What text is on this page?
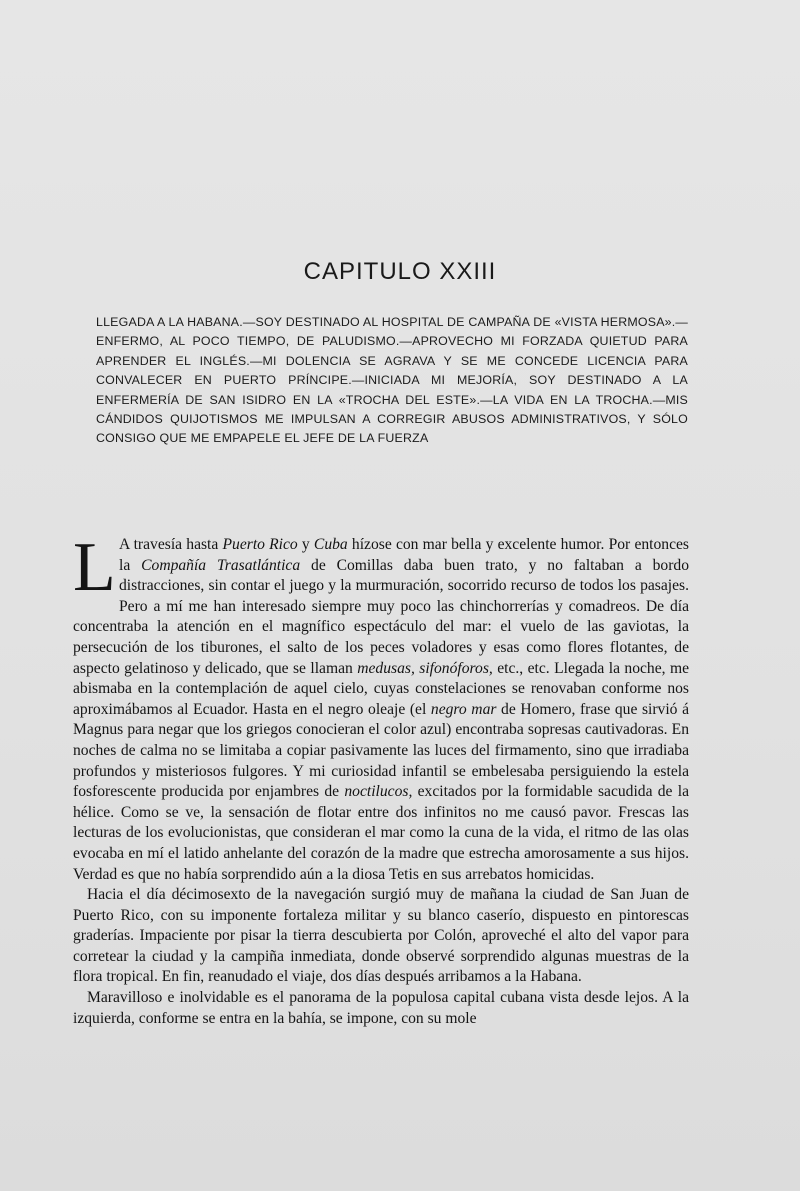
CAPITULO XXIII
LLEGADA A LA HABANA.—SOY DESTINADO AL HOSPITAL DE CAMPAÑA DE «VISTA HERMOSA».—ENFERMO, AL POCO TIEMPO, DE PALUDISMO.—APROVECHO MI FORZADA QUIETUD PARA APRENDER EL INGLÉS.—MI DOLENCIA SE AGRAVA Y SE ME CONCEDE LICENCIA PARA CONVALECER EN PUERTO PRÍNCIPE.—INICIADA MI MEJORÍA, SOY DESTINADO A LA ENFERMERÍA DE SAN ISIDRO EN LA «TROCHA DEL ESTE».—LA VIDA EN LA TROCHA.—MIS CÁNDIDOS QUIJOTISMOS ME IMPULSAN A CORREGIR ABUSOS ADMINISTRATIVOS, Y SÓLO CONSIGO QUE ME EMPAPELE EL JEFE DE LA FUERZA

L A travesía hasta Puerto Rico y Cuba hízose con mar bella y excelente humor. Por entonces la Compañía Trasatlántica de Comillas daba buen trato, y no faltaban a bordo distracciones, sin contar el juego y la murmuración, socorrido recurso de todos los pasajes. Pero a mí me han interesado siempre muy poco las chinchorrerías y comadreos. De día concentraba la atención en el magnífico espectáculo del mar: el vuelo de las gaviotas, la persecución de los tiburones, el salto de los peces voladores y esas como flores flotantes, de aspecto gelatinoso y delicado, que se llaman medusas, sifonóforos, etc., etc. Llegada la noche, me abismaba en la contemplación de aquel cielo, cuyas constelaciones se renovaban conforme nos aproximábamos al Ecuador. Hasta en el negro oleaje (el negro mar de Homero, frase que sirvió á Magnus para negar que los griegos conocieran el color azul) encontraba sopresas cautivadoras. En noches de calma no se limitaba a copiar pasivamente las luces del firmamento, sino que irradiaba profundos y misteriosos fulgores. Y mi curiosidad infantil se embelesaba persiguiendo la estela fosforescente producida por enjambres de noctilucos, excitados por la formidable sacudida de la hélice. Como se ve, la sensación de flotar entre dos infinitos no me causó pavor. Frescas las lecturas de los evolucionistas, que consideran el mar como la cuna de la vida, el ritmo de las olas evocaba en mí el latido anhelante del corazón de la madre que estrecha amorosamente a sus hijos. Verdad es que no había sorprendido aún a la diosa Tetis en sus arrebatos homicidas.

Hacia el día décimosexto de la navegación surgió muy de mañana la ciudad de San Juan de Puerto Rico, con su imponente fortaleza militar y su blanco caserío, dispuesto en pintorescas graderías. Impaciente por pisar la tierra descubierta por Colón, aproveché el alto del vapor para corretear la ciudad y la campiña inmediata, donde observé sorprendido algunas muestras de la flora tropical. En fin, reanudado el viaje, dos días después arribamos a la Habana.

Maravilloso e inolvidable es el panorama de la populosa capital cubana vista desde lejos. A la izquierda, conforme se entra en la bahía, se impone, con su mole
